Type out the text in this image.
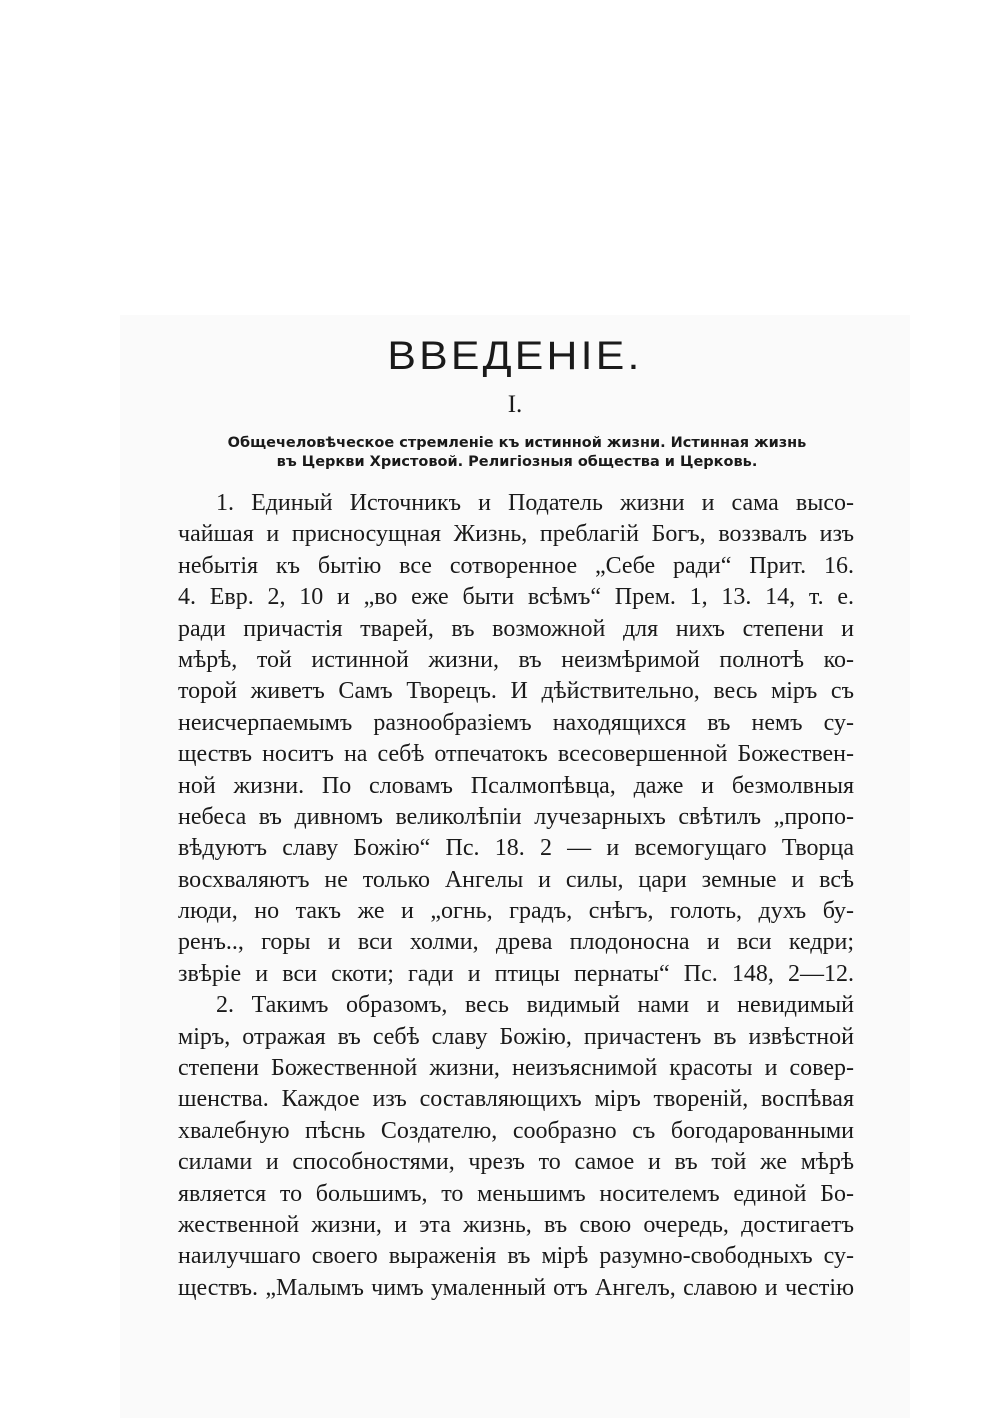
ВВЕДЕНІЕ.
I.
Общечеловѣческое стремленіе къ истинной жизни. Истинная жизнь
въ Церкви Христовой. Религіозныя общества и Церковь.
1. Единый Источникъ и Податель жизни и сама высо-
чайшая и присносущная Жизнь, преблагій Богъ, воззвалъ изъ
небытія къ бытію все сотворенное „Себе ради“ Прит. 16.
4. Евр. 2, 10 и „во еже быти всѣмъ“ Прем. 1, 13. 14, т. е.
ради причастія тварей, въ возможной для нихъ степени и
мѣрѣ, той истинной жизни, въ неизмѣримой полнотѣ ко-
торой живетъ Самъ Творецъ. И дѣйствительно, весь міръ съ
неисчерпаемымъ разнообразіемъ находящихся въ немъ су-
ществъ носитъ на себѣ отпечатокъ всесовершенной Божествен-
ной жизни. По словамъ Псалмопѣвца, даже и безмолвныя
небеса въ дивномъ великолѣпіи лучезарныхъ свѣтилъ „пропо-
вѣдуютъ славу Божію“ Пс. 18. 2 — и всемогущаго Творца
восхваляютъ не только Ангелы и силы, цари земные и всѣ
люди, но такъ же и „огнь, градъ, снѣгъ, голоть, духъ бу-
ренъ.., горы и вси холми, древа плодоносна и вси кедри;
звѣріе и вси скоти; гади и птицы пернаты“ Пс. 148, 2—12.
2. Такимъ образомъ, весь видимый нами и невидимый
міръ, отражая въ себѣ славу Божію, причастенъ въ извѣстной
степени Божественной жизни, неизъяснимой красоты и совер-
шенства. Каждое изъ составляющихъ міръ твореній, воспѣвая
хвалебную пѣснь Создателю, сообразно съ богодарованными
силами и способностями, чрезъ то самое и въ той же мѣрѣ
является то большимъ, то меньшимъ носителемъ единой Бо-
жественной жизни, и эта жизнь, въ свою очередь, достигаетъ
наилучшаго своего выраженія въ мірѣ разумно-свободныхъ су-
ществъ. „Малымъ чимъ умаленный отъ Ангелъ, славою и честію
